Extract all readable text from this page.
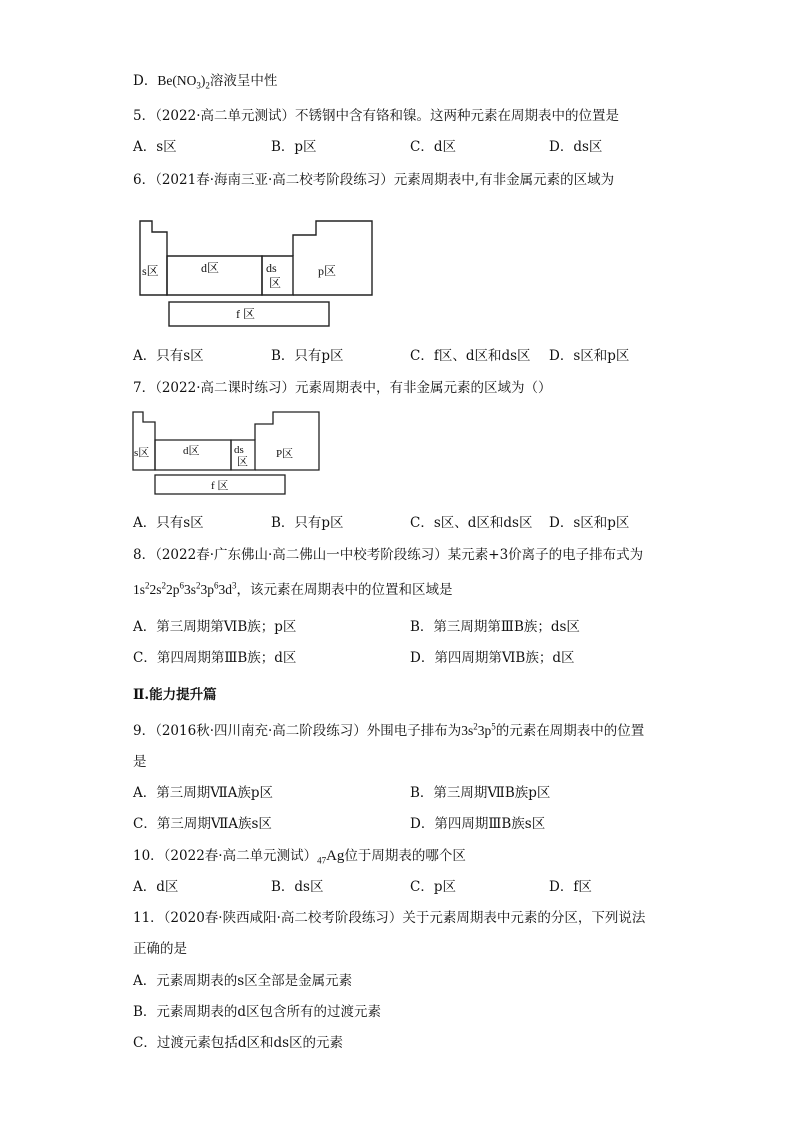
D．$Be(NO_3)_2$溶液呈中性
5．（2022·高二单元测试）不锈钢中含有铬和镍。这两种元素在周期表中的位置是
A．s区	B．p区	C．d区	D．ds区
6．（2021春·海南三亚·高二校考阶段练习）元素周期表中,有非金属元素的区域为
s区	d区	ds
区
p区
f 区
A．只有s区	B．只有p区	C．f区、d区和ds区 D．s区和p区
7．（2022·高二课时练习）元素周期表中，有非金属元素的区域为（）
s区	d区	ds
区
P区
f 区
A．只有s区	B．只有p区	C．s区、d区和ds区 D．s区和p区
8．（2022春·广东佛山·高二佛山一中校考阶段练习）某元素+3价离子的电子排布式为
$1s^22s^22p^63s^23p^63d^3$，该元素在周期表中的位置和区域是
A．第三周期第ⅥB族；p区	B．第三周期第ⅢB族；ds区
C．第四周期第ⅢB族；d区	D．第四周期第ⅥB族；d区
Ⅱ.能力提升篇
9．（2016秋·四川南充·高二阶段练习）外围电子排布为$3s^23p^5$的元素在周期表中的位置
是
A．第三周期ⅦA族p区	B．第三周期ⅦB族p区
C．第三周期ⅦA族s区	D．第四周期ⅢB族s区
10．（2022春·高二单元测试）$_{47}Ag$位于周期表的哪个区
A．d区	B．ds区	C．p区	D．f区
11．（2020春·陕西咸阳·高二校考阶段练习）关于元素周期表中元素的分区，下列说法
正确的是
A．元素周期表的s区全部是金属元素
B．元素周期表的d区包含所有的过渡元素
C．过渡元素包括d区和ds区的元素
